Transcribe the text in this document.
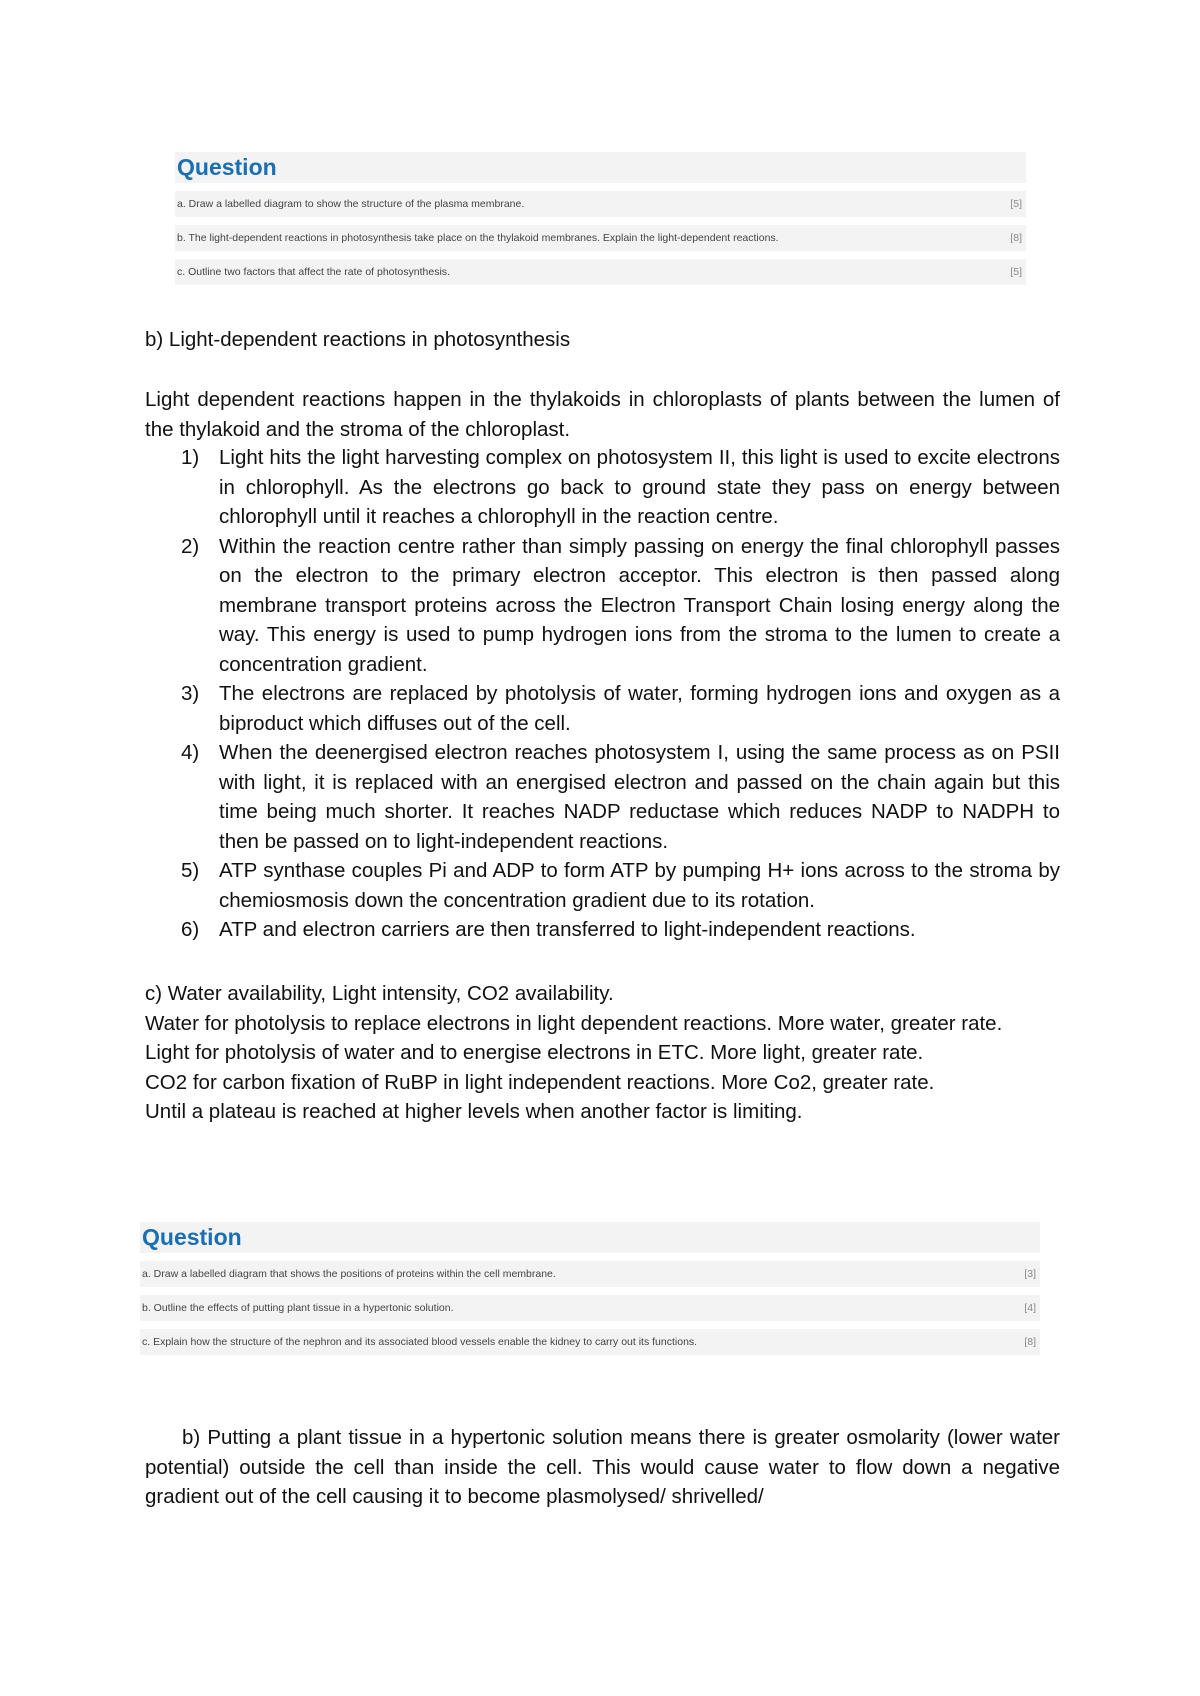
Question
a. Draw a labelled diagram to show the structure of the plasma membrane.	[5]
b. The light-dependent reactions in photosynthesis take place on the thylakoid membranes. Explain the light-dependent reactions.	[8]
c. Outline two factors that affect the rate of photosynthesis.	[5]
b) Light-dependent reactions in photosynthesis
Light dependent reactions happen in the thylakoids in chloroplasts of plants between the lumen of the thylakoid and the stroma of the chloroplast.
1) Light hits the light harvesting complex on photosystem II, this light is used to excite electrons in chlorophyll. As the electrons go back to ground state they pass on energy between chlorophyll until it reaches a chlorophyll in the reaction centre.
2) Within the reaction centre rather than simply passing on energy the final chlorophyll passes on the electron to the primary electron acceptor. This electron is then passed along membrane transport proteins across the Electron Transport Chain losing energy along the way. This energy is used to pump hydrogen ions from the stroma to the lumen to create a concentration gradient.
3) The electrons are replaced by photolysis of water, forming hydrogen ions and oxygen as a biproduct which diffuses out of the cell.
4) When the deenergised electron reaches photosystem I, using the same process as on PSII with light, it is replaced with an energised electron and passed on the chain again but this time being much shorter. It reaches NADP reductase which reduces NADP to NADPH to then be passed on to light-independent reactions.
5) ATP synthase couples Pi and ADP to form ATP by pumping H+ ions across to the stroma by chemiosmosis down the concentration gradient due to its rotation.
6) ATP and electron carriers are then transferred to light-independent reactions.
c) Water availability, Light intensity, CO2 availability.
Water for photolysis to replace electrons in light dependent reactions. More water, greater rate.
Light for photolysis of water and to energise electrons in ETC. More light, greater rate.
CO2 for carbon fixation of RuBP in light independent reactions. More Co2, greater rate.
Until a plateau is reached at higher levels when another factor is limiting.
Question
a. Draw a labelled diagram that shows the positions of proteins within the cell membrane.	[3]
b. Outline the effects of putting plant tissue in a hypertonic solution.	[4]
c. Explain how the structure of the nephron and its associated blood vessels enable the kidney to carry out its functions.	[8]
b) Putting a plant tissue in a hypertonic solution means there is greater osmolarity (lower water potential) outside the cell than inside the cell. This would cause water to flow down a negative gradient out of the cell causing it to become plasmolysed/ shrivelled/
